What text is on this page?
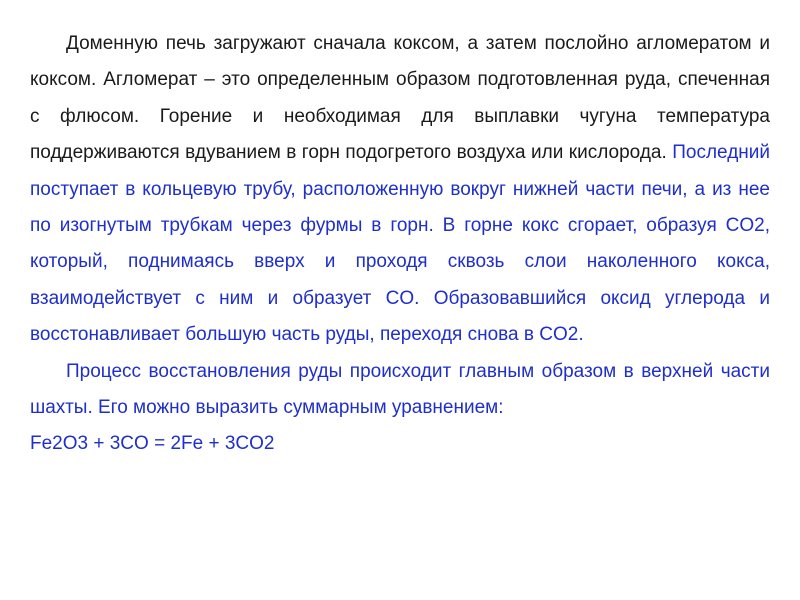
Доменную печь загружают сначала коксом, а затем послойно агломератом и коксом. Агломерат – это определенным образом подготовленная руда, спеченная с флюсом. Горение и необходимая для выплавки чугуна температура поддерживаются вдуванием в горн подогретого воздуха или кислорода. Последний поступает в кольцевую трубу, расположенную вокруг нижней части печи, а из нее по изогнутым трубкам через фурмы в горн. В горне кокс сгорает, образуя CO2, который, поднимаясь вверх и проходя сквозь слои наколенного кокса, взаимодействует с ним и образует CO. Образовавшийся оксид углерода и восстонавливает большую часть руды, переходя снова в CO2.

Процесс восстановления руды происходит главным образом в верхней части шахты. Его можно выразить суммарным уравнением:

Fe2O3 + 3CO = 2Fe + 3CO2
